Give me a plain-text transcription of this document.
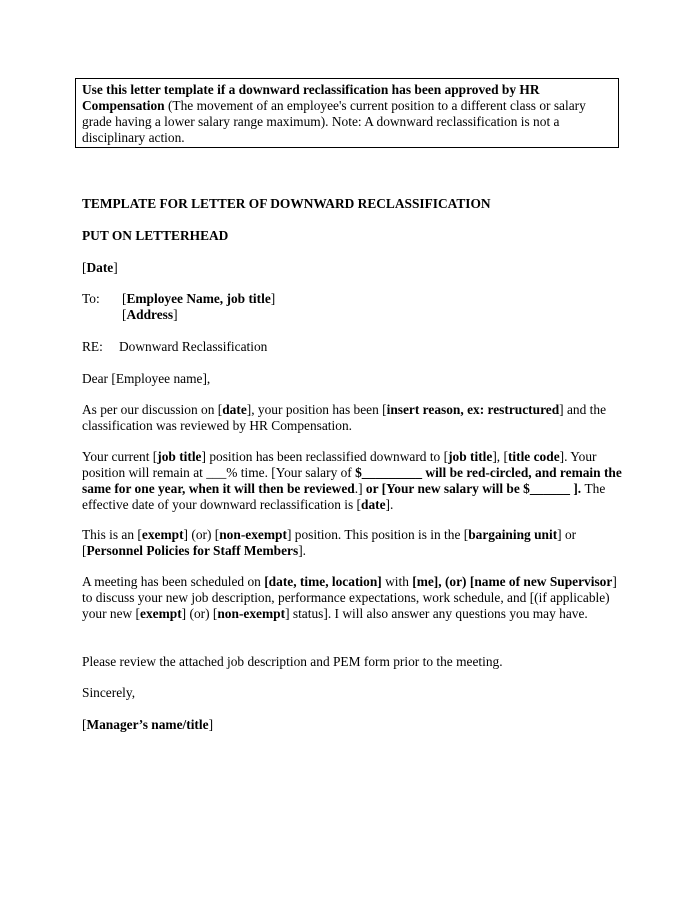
Use this letter template if a downward reclassification has been approved by HR Compensation (The movement of an employee's current position to a different class or salary grade having a lower salary range maximum). Note: A downward reclassification is not a disciplinary action.

TEMPLATE FOR LETTER OF DOWNWARD RECLASSIFICATION

PUT ON LETTERHEAD

[Date]

To: [Employee Name, job title]
[Address]
RE: Downward Reclassification

Dear [Employee name],

As per our discussion on [date], your position has been [insert reason, ex: restructured] and the classification was reviewed by HR Compensation.

Your current [job title] position has been reclassified downward to [job title], [title code]. Your position will remain at ___% time. [Your salary of $_________ will be red-circled, and remain the same for one year, when it will then be reviewed.] or [Your new salary will be $______ ]. The effective date of your downward reclassification is [date].

This is an [exempt] (or) [non-exempt] position. This position is in the [bargaining unit] or [Personnel Policies for Staff Members].

A meeting has been scheduled on [date, time, location] with [me], (or) [name of new Supervisor] to discuss your new job description, performance expectations, work schedule, and [(if applicable) your new [exempt] (or) [non-exempt] status]. I will also answer any questions you may have.

Please review the attached job description and PEM form prior to the meeting.

Sincerely,

[Manager’s name/title]
